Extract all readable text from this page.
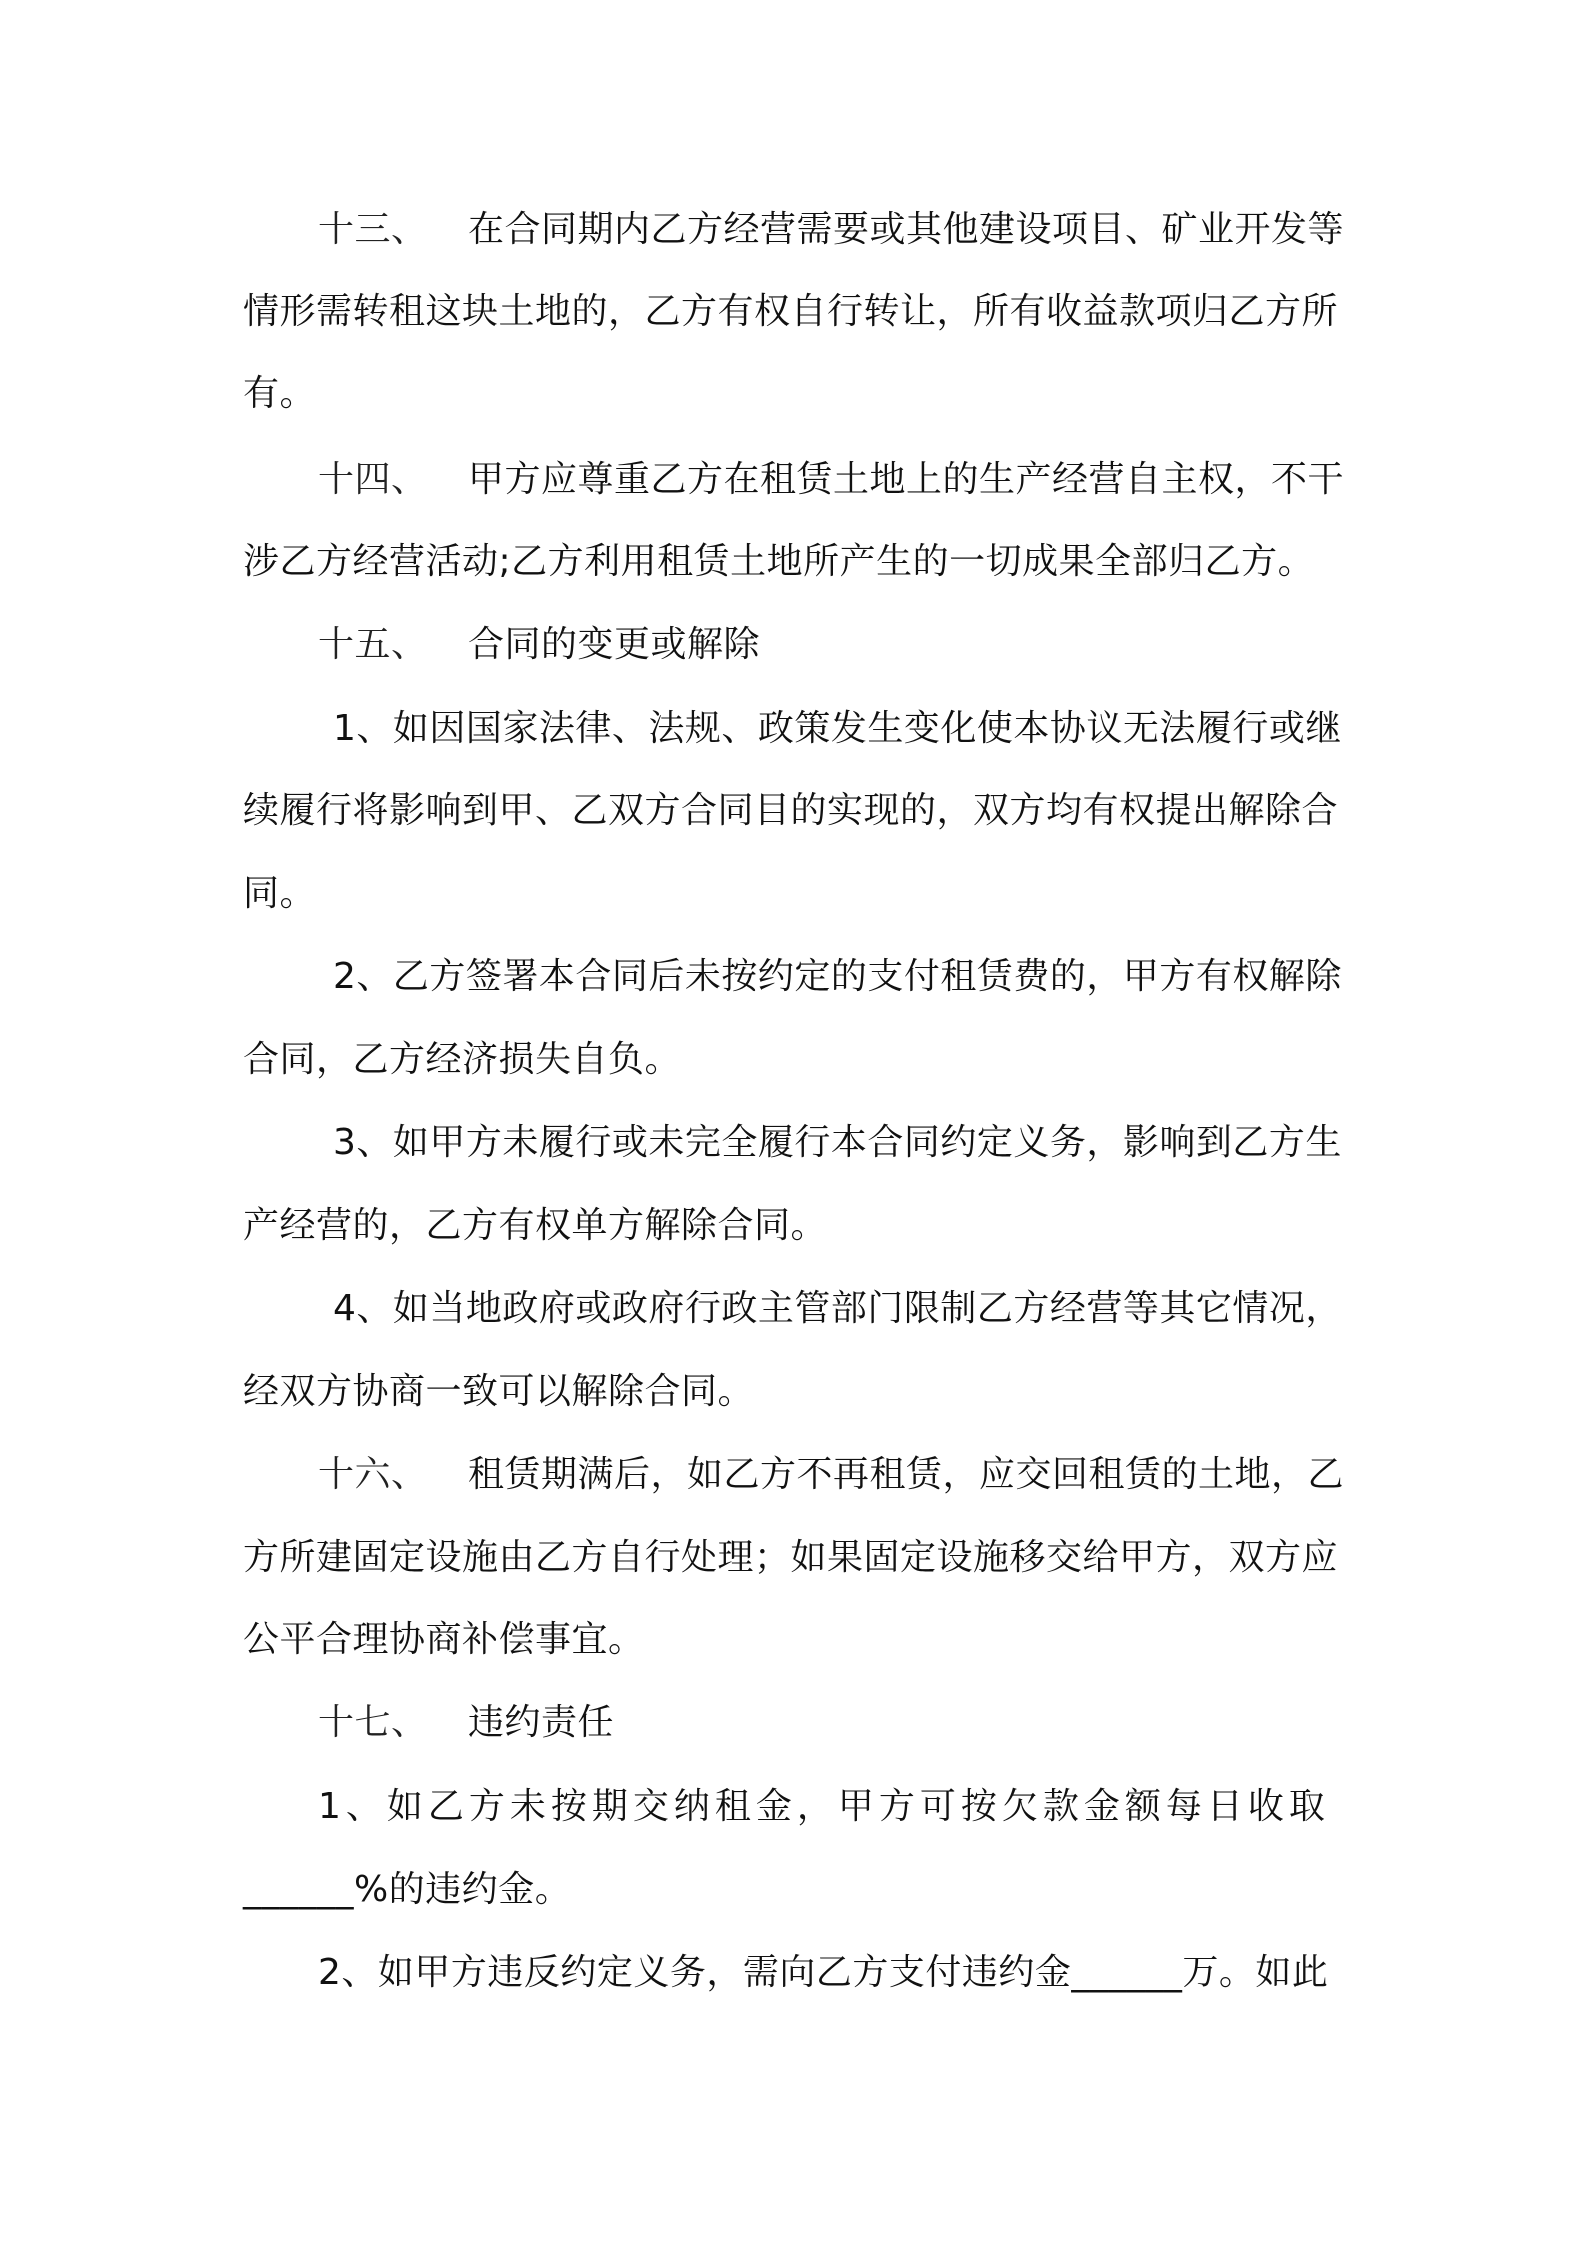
十三、 在合同期内乙方经营需要或其他建设项目、矿业开发等
情形需转租这块土地的，乙方有权自行转让，所有收益款项归乙方所
有。
十四、 甲方应尊重乙方在租赁土地上的生产经营自主权，不干
涉乙方经营活动;乙方利用租赁土地所产生的一切成果全部归乙方。
十五、 合同的变更或解除
1、如因国家法律、法规、政策发生变化使本协议无法履行或继
续履行将影响到甲、乙双方合同目的实现的，双方均有权提出解除合
同。
2、乙方签署本合同后未按约定的支付租赁费的，甲方有权解除
合同，乙方经济损失自负。
3、如甲方未履行或未完全履行本合同约定义务，影响到乙方生
产经营的，乙方有权单方解除合同。
4、如当地政府或政府行政主管部门限制乙方经营等其它情况，
经双方协商一致可以解除合同。
十六、 租赁期满后，如乙方不再租赁，应交回租赁的土地，乙
方所建固定设施由乙方自行处理；如果固定设施移交给甲方，双方应
公平合理协商补偿事宜。
十七、 违约责任
1、如乙方未按期交纳租金，甲方可按欠款金额每日收取
______%的违约金。
2、如甲方违反约定义务，需向乙方支付违约金______万。如此
